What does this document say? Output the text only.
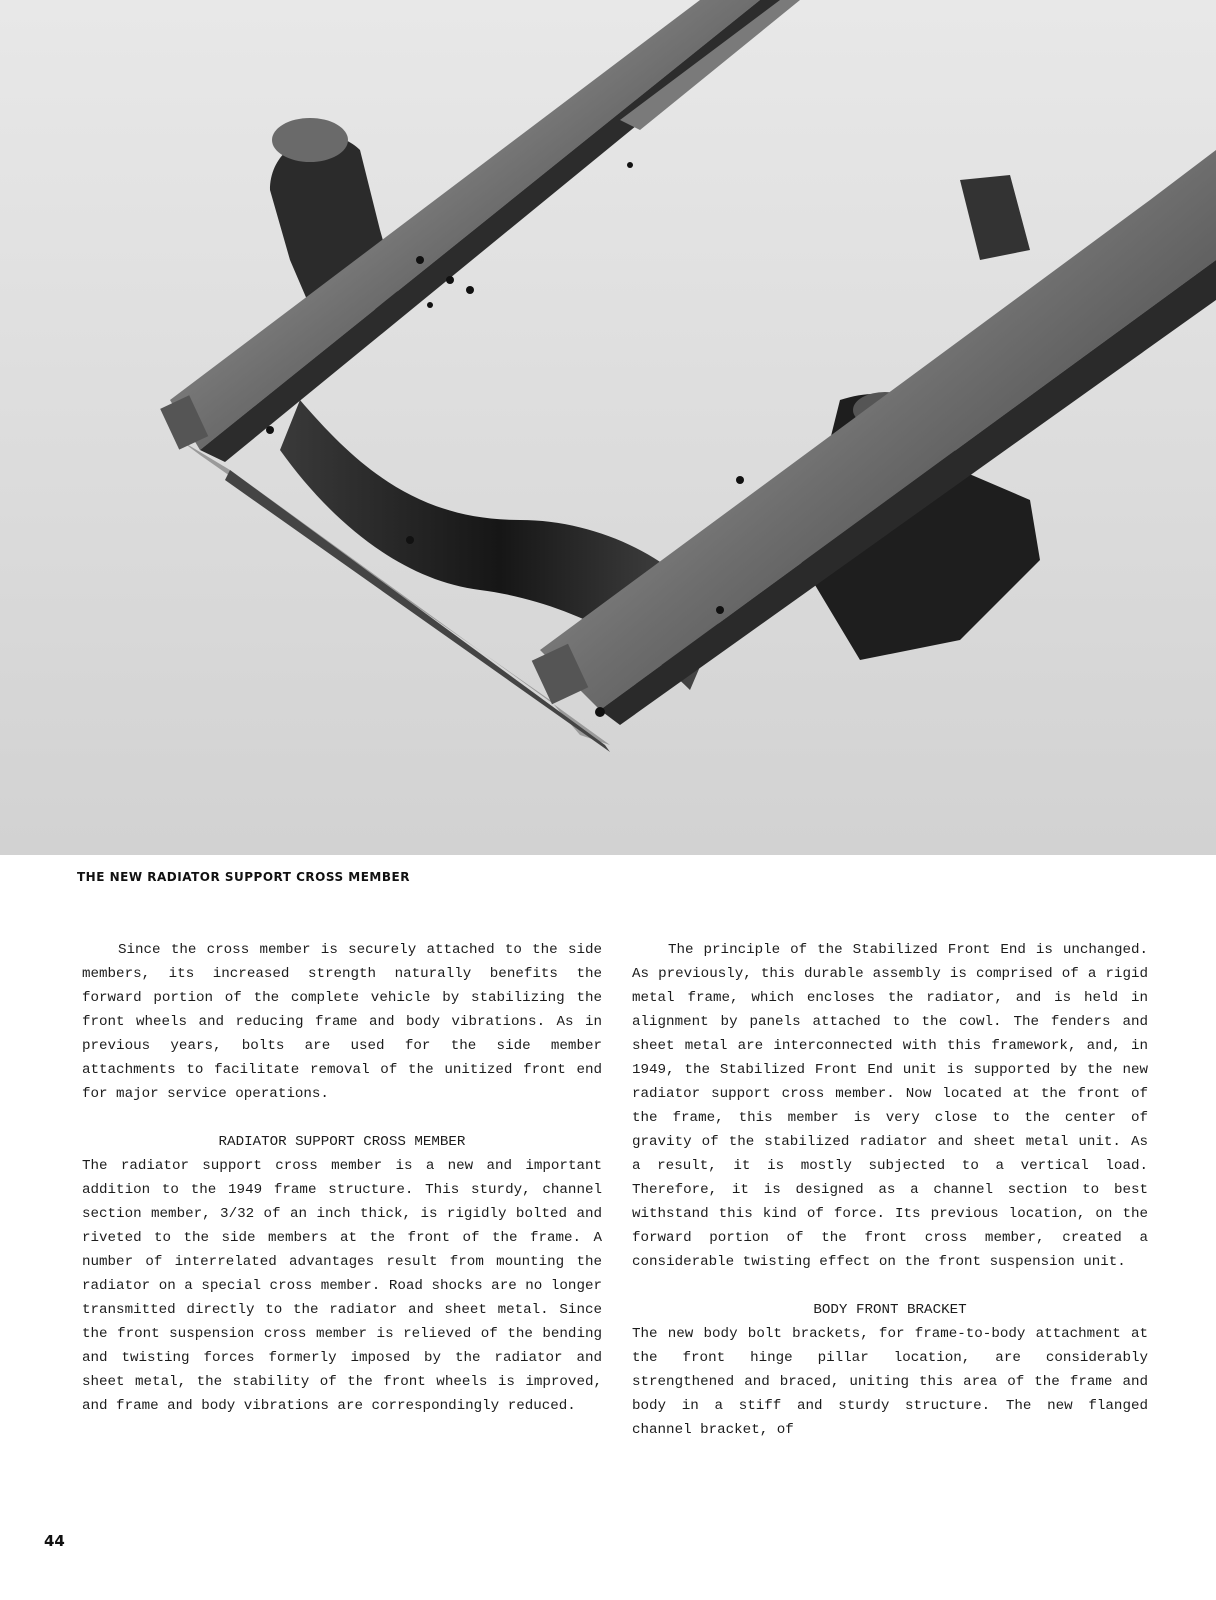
THE NEW RADIATOR SUPPORT CROSS MEMBER

Since the cross member is securely attached to the side members, its increased strength naturally benefits the forward portion of the complete vehicle by stabilizing the front wheels and reducing frame and body vibrations. As in previous years, bolts are used for the side member attachments to facilitate removal of the unitized front end for major service operations.

RADIATOR SUPPORT CROSS MEMBER

The radiator support cross member is a new and important addition to the 1949 frame structure. This sturdy, channel section member, 3/32 of an inch thick, is rigidly bolted and riveted to the side members at the front of the frame. A number of interrelated advantages result from mounting the radiator on a special cross member. Road shocks are no longer transmitted directly to the radiator and sheet metal. Since the front suspension cross member is relieved of the bending and twisting forces formerly imposed by the radiator and sheet metal, the stability of the front wheels is improved, and frame and body vibrations are correspondingly reduced.

The principle of the Stabilized Front End is unchanged. As previously, this durable assembly is comprised of a rigid metal frame, which encloses the radiator, and is held in alignment by panels attached to the cowl. The fenders and sheet metal are interconnected with this framework, and, in 1949, the Stabilized Front End unit is supported by the new radiator support cross member. Now located at the front of the frame, this member is very close to the center of gravity of the stabilized radiator and sheet metal unit. As a result, it is mostly subjected to a vertical load. Therefore, it is designed as a channel section to best withstand this kind of force. Its previous location, on the forward portion of the front cross member, created a considerable twisting effect on the front suspension unit.

BODY FRONT BRACKET

The new body bolt brackets, for frame-to-body attachment at the front hinge pillar location, are considerably strengthened and braced, uniting this area of the frame and body in a stiff and sturdy structure. The new flanged channel bracket, of

44
